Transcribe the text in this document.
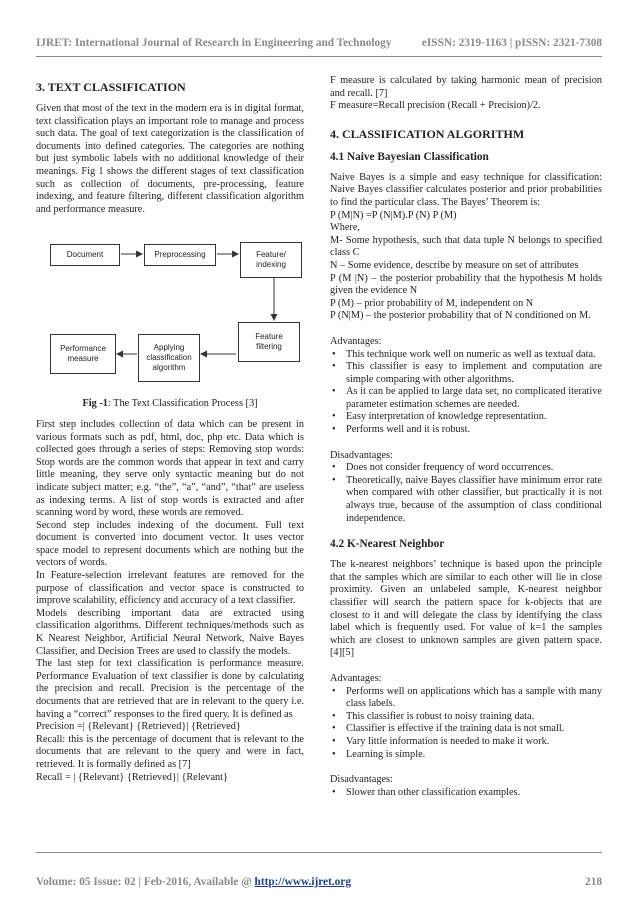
IJRET: International Journal of Research in Engineering and Technology	eISSN: 2319-1163 | pISSN: 2321-7308
3. TEXT CLASSIFICATION

Given that most of the text in the modern era is in digital format, text classification plays an important role to manage and process such data. The goal of text categorization is the classification of documents into defined categories. The categories are nothing but just symbolic labels with no additional knowledge of their meanings. Fig 1 shows the different stages of text classification such as collection of documents, pre-processing, feature indexing, and feature filtering, different classification algorithm and performance measure.

Document	Preprocessing	Feature/
indexing
Performance
measure
Applying
classification
algorithm
Feature
filtering

Fig -1: The Text Classification Process [3]

First step includes collection of data which can be present in various formats such as pdf, html, doc, php etc. Data which is collected goes through a series of steps: Removing stop words: Stop words are the common words that appear in text and carry little meaning, they serve only syntactic meaning but do not indicate subject matter; e.g. “the”, “a”, “and”, “that” are useless as indexing terms. A list of stop words is extracted and after scanning word by word, these words are removed.

Second step includes indexing of the document. Full text document is converted into document vector. It uses vector space model to represent documents which are nothing but the vectors of words.

In Feature-selection irrelevant features are removed for the purpose of classification and vector space is constructed to improve scalability, efficiency and accuracy of a text classifier.

Models describing important data are extracted using classification algorithms. Different techniques/methods such as K Nearest Neighbor, Artificial Neural Network, Naive Bayes Classifier, and Decision Trees are used to classify the models.

The last step for text classification is performance measure. Performance Evaluation of text classifier is done by calculating the precision and recall. Precision is the percentage of the documents that are retrieved that are in relevant to the query i.e. having a “correct” responses to the fired query. It is defined as

Precision =| {Relevant} {Retrieved}| {Retrieved}

Recall: this is the percentage of document that is relevant to the documents that are relevant to the query and were in fact, retrieved. It is formally defined as [7]

Recall = | {Relevant} {Retrieved}| {Relevant}

F measure is calculated by taking harmonic mean of precision and recall. [7]

F measure=Recall precision (Recall + Precision)/2.

4. CLASSIFICATION ALGORITHM
4.1 Naive Bayesian Classification

Naive Bayes is a simple and easy technique for classification: Naive Bayes classifier calculates posterior and prior probabilities to find the particular class. The Bayes’ Theorem is:

P (M|N) =P (N|M).P (N) P (M)

Where,

M- Some hypothesis, such that data tuple N belongs to specified class C

N – Some evidence, describe by measure on set of attributes

P (M |N) – the posterior probability that the hypothesis M holds given the evidence N

P (M) – prior probability of M, independent on N

P (N|M) – the posterior probability that of N conditioned on M.

Advantages:

• This technique work well on numeric as well as textual data.
• This classifier is easy to implement and computation are simple comparing with other algorithms.
• As it can be applied to large data set, no complicated iterative parameter estimation schemes are needed.
• Easy interpretation of knowledge representation.
• Performs well and it is robust.

Disadvantages:

• Does not consider frequency of word occurrences.
• Theoretically, naive Bayes classifier have minimum error rate when compared with other classifier, but practically it is not always true, because of the assumption of class conditional independence.
4.2 K-Nearest Neighbor

The k-nearest neighbors’ technique is based upon the principle that the samples which are similar to each other will lie in close proximity. Given an unlabeled sample, K-nearest neighbor classifier will search the pattern space for k-objects that are closest to it and will delegate the class by identifying the class label which is frequently used. For value of k=1 the samples which are closest to unknown samples are given pattern space. [4][5]

Advantages:

• Performs well on applications which has a sample with many class labels.
• This classifier is robust to noisy training data.
• Classifier is effective if the training data is not small.
• Vary little information is needed to make it work.
• Learning is simple.

Disadvantages:

• Slower than other classification examples.
Volume: 05 Issue: 02 | Feb-2016, Available @ http://www.ijret.org	218
